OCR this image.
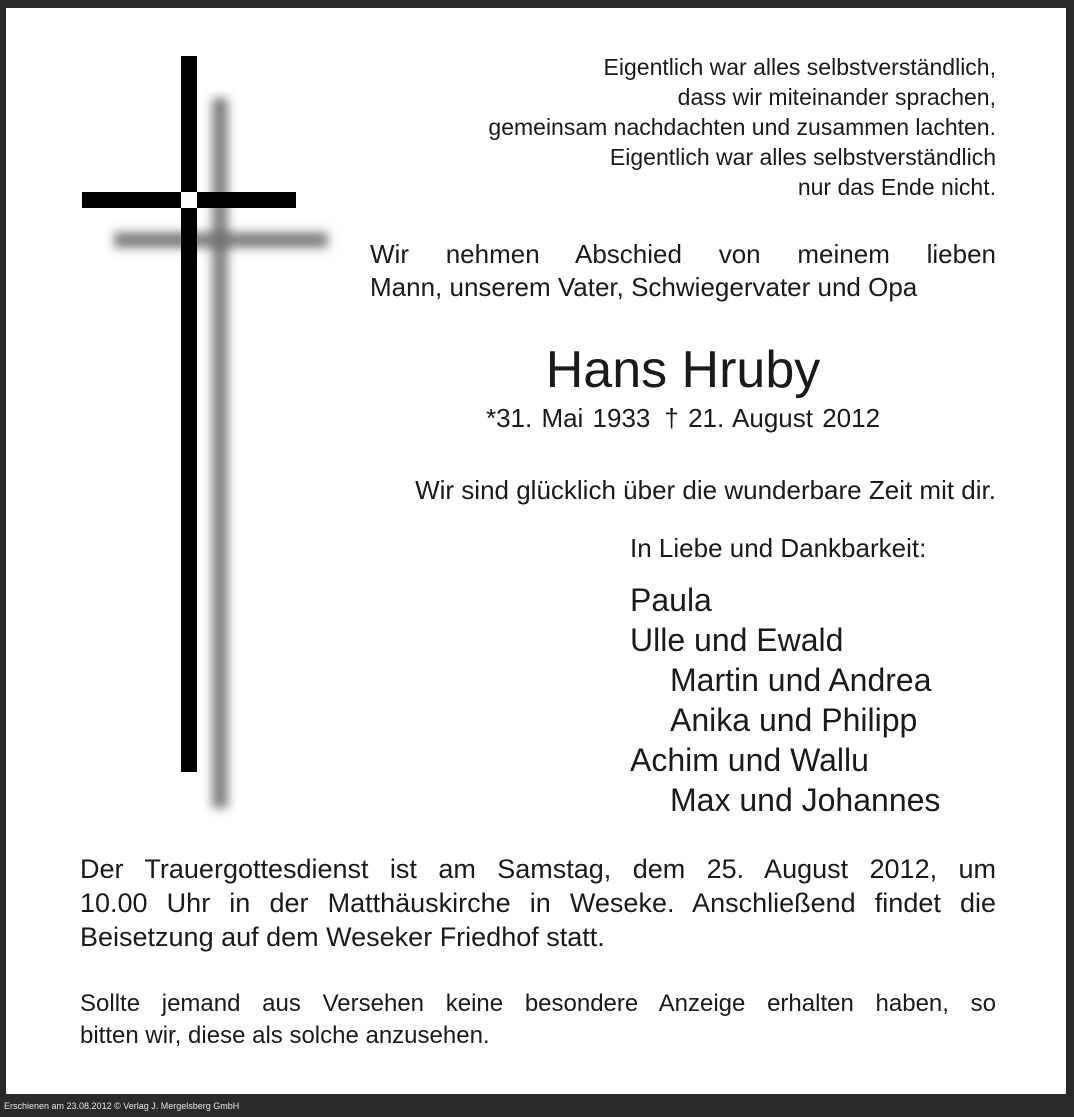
Eigentlich war alles selbstverständlich,
dass wir miteinander sprachen,
gemeinsam nachdachten und zusammen lachten.
Eigentlich war alles selbstverständlich
nur das Ende nicht.
Wir nehmen Abschied von meinem lieben
Mann, unserem Vater, Schwiegervater und Opa
Hans Hruby
*31. Mai 1933 † 21. August 2012
Wir sind glücklich über die wunderbare Zeit mit dir.
In Liebe und Dankbarkeit:
Paula
Ulle und Ewald
Martin und Andrea
Anika und Philipp
Achim und Wallu
Max und Johannes
Der Trauergottesdienst ist am Samstag, dem 25. August 2012, um
10.00 Uhr in der Matthäuskirche in Weseke. Anschließend findet die
Beisetzung auf dem Weseker Friedhof statt.
Sollte jemand aus Versehen keine besondere Anzeige erhalten haben, so
bitten wir, diese als solche anzusehen.
Erschienen am 23.08.2012 © Verlag J. Mergelsberg GmbH
